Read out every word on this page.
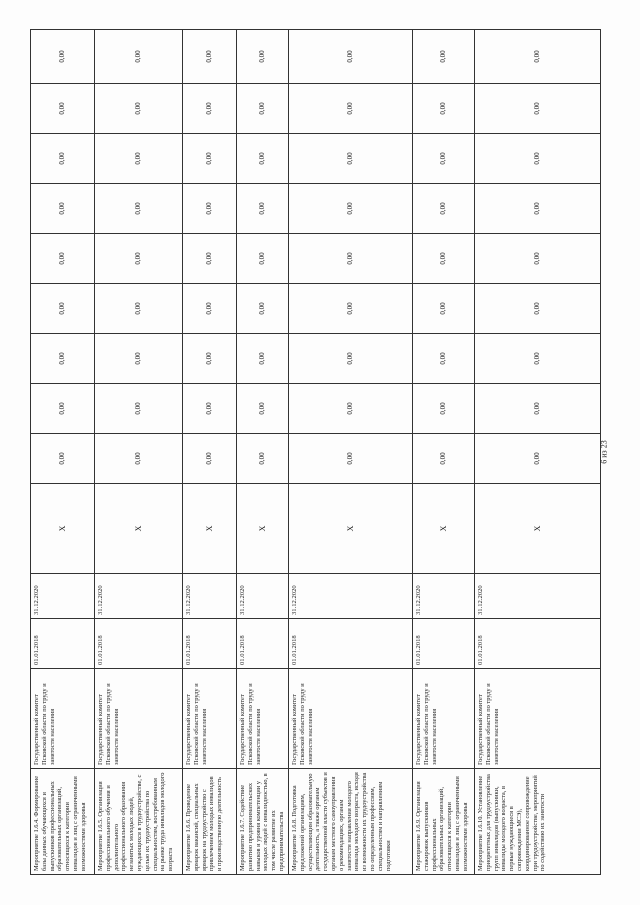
Мероприятие 1.6.4. Формирование базы данных обучающихся и выпускников профессиональных образовательных организаций, относящихся к категории инвалидов и лиц с ограниченными возможностями здоровья	Государственный комитет Псковской области по труду и занятости населения	01.01.2018	31.12.2020	Х	0,00	0,00	0,00	0,00	0,00	0,00	0,00	0,00	0,00
Мероприятие 1.6.5. Организация профессионального обучения и дополнительного профессионального образования незанятых молодых людей, нуждающихся в трудоустройстве, с целью их трудоустройства по специальностям, востребованным на рынке труда инвалидов молодого возраста	Государственный комитет Псковской области по труду и занятости населения	01.01.2018	31.12.2020	Х	0,00	0,00	0,00	0,00	0,00	0,00	0,00	0,00	0,00
Мероприятие 1.6.6. Проведение ярмарок вакансий, специальных ярмарок на трудоустройство с привлечением молодых инвалидов и производственную деятельность	Государственный комитет Псковской области по труду и занятости населения	01.01.2018	31.12.2020	Х	0,00	0,00	0,00	0,00	0,00	0,00	0,00	0,00	0,00
Мероприятие 1.6.7. Содействие развитию предпринимательских навыков и уровня компетенции у молодых людей с инвалидностью, в том числе развитие их предпринимательства	Государственный комитет Псковской области по труду и занятости населения	01.01.2018	31.12.2020	Х	0,00	0,00	0,00	0,00	0,00	0,00	0,00	0,00	0,00
Мероприятие 1.6.8. Подготовка предложений организациям, осуществляющим образовательную деятельность, а также органам государственной власти субъектов и органам местного самоуправления о рекомендациях, органам занятости направления молодого инвалида молодого возраста, исходя из возможности их трудоустройства по определенным профессиям, специальностям и направлениям подготовки	Государственный комитет Псковской области по труду и занятости населения	01.01.2018	31.12.2020	Х	0,00	0,00	0,00	0,00	0,00	0,00	0,00	0,00	0,00
Мероприятие 1.6.9. Организация стажировок выпускников профессиональных образовательных организаций, относящихся к категории инвалидов и лиц с ограниченными возможностями здоровья	Государственный комитет Псковской области по труду и занятости населения	01.01.2018	31.12.2020	Х	0,00	0,00	0,00	0,00	0,00	0,00	0,00	0,00	0,00
Мероприятие 1.6.10. Установление приоритетных для трудоустройства групп инвалидов (выпускники, инвалиды молодого возраста, в первые нуждающиеся в сопровождении МСЭ), координированное сопровождение при трудоустройстве, мероприятий по содействию их занятости	Государственный комитет Псковской области по труду и занятости населения	01.01.2018	31.12.2020	Х	0,00	0,00	0,00	0,00	0,00	0,00	0,00	0,00	0,00
6 из 23
